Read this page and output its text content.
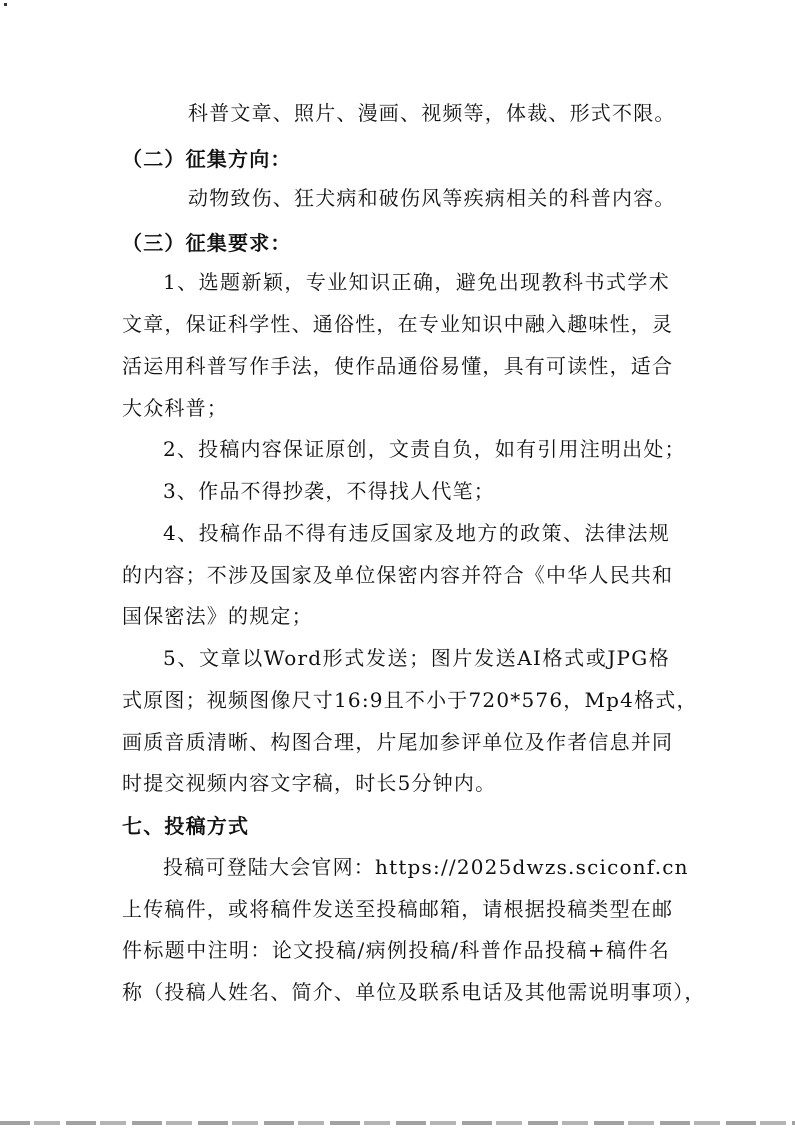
科普文章、照片、漫画、视频等，体裁、形式不限。
（二）征集方向：
动物致伤、狂犬病和破伤风等疾病相关的科普内容。
（三）征集要求：
1、选题新颖，专业知识正确，避免出现教科书式学术
文章，保证科学性、通俗性，在专业知识中融入趣味性，灵
活运用科普写作手法，使作品通俗易懂，具有可读性，适合
大众科普；
2、投稿内容保证原创，文责自负，如有引用注明出处；
3、作品不得抄袭，不得找人代笔；
4、投稿作品不得有违反国家及地方的政策、法律法规
的内容；不涉及国家及单位保密内容并符合《中华人民共和
国保密法》的规定；
5、文章以Word形式发送；图片发送AI格式或JPG格
式原图；视频图像尺寸16:9且不小于720*576，Mp4格式，
画质音质清晰、构图合理，片尾加参评单位及作者信息并同
时提交视频内容文字稿，时长5分钟内。
七、投稿方式
投稿可登陆大会官网：https://2025dwzs.sciconf.cn
上传稿件，或将稿件发送至投稿邮箱，请根据投稿类型在邮
件标题中注明：论文投稿/病例投稿/科普作品投稿+稿件名
称（投稿人姓名、简介、单位及联系电话及其他需说明事项），
